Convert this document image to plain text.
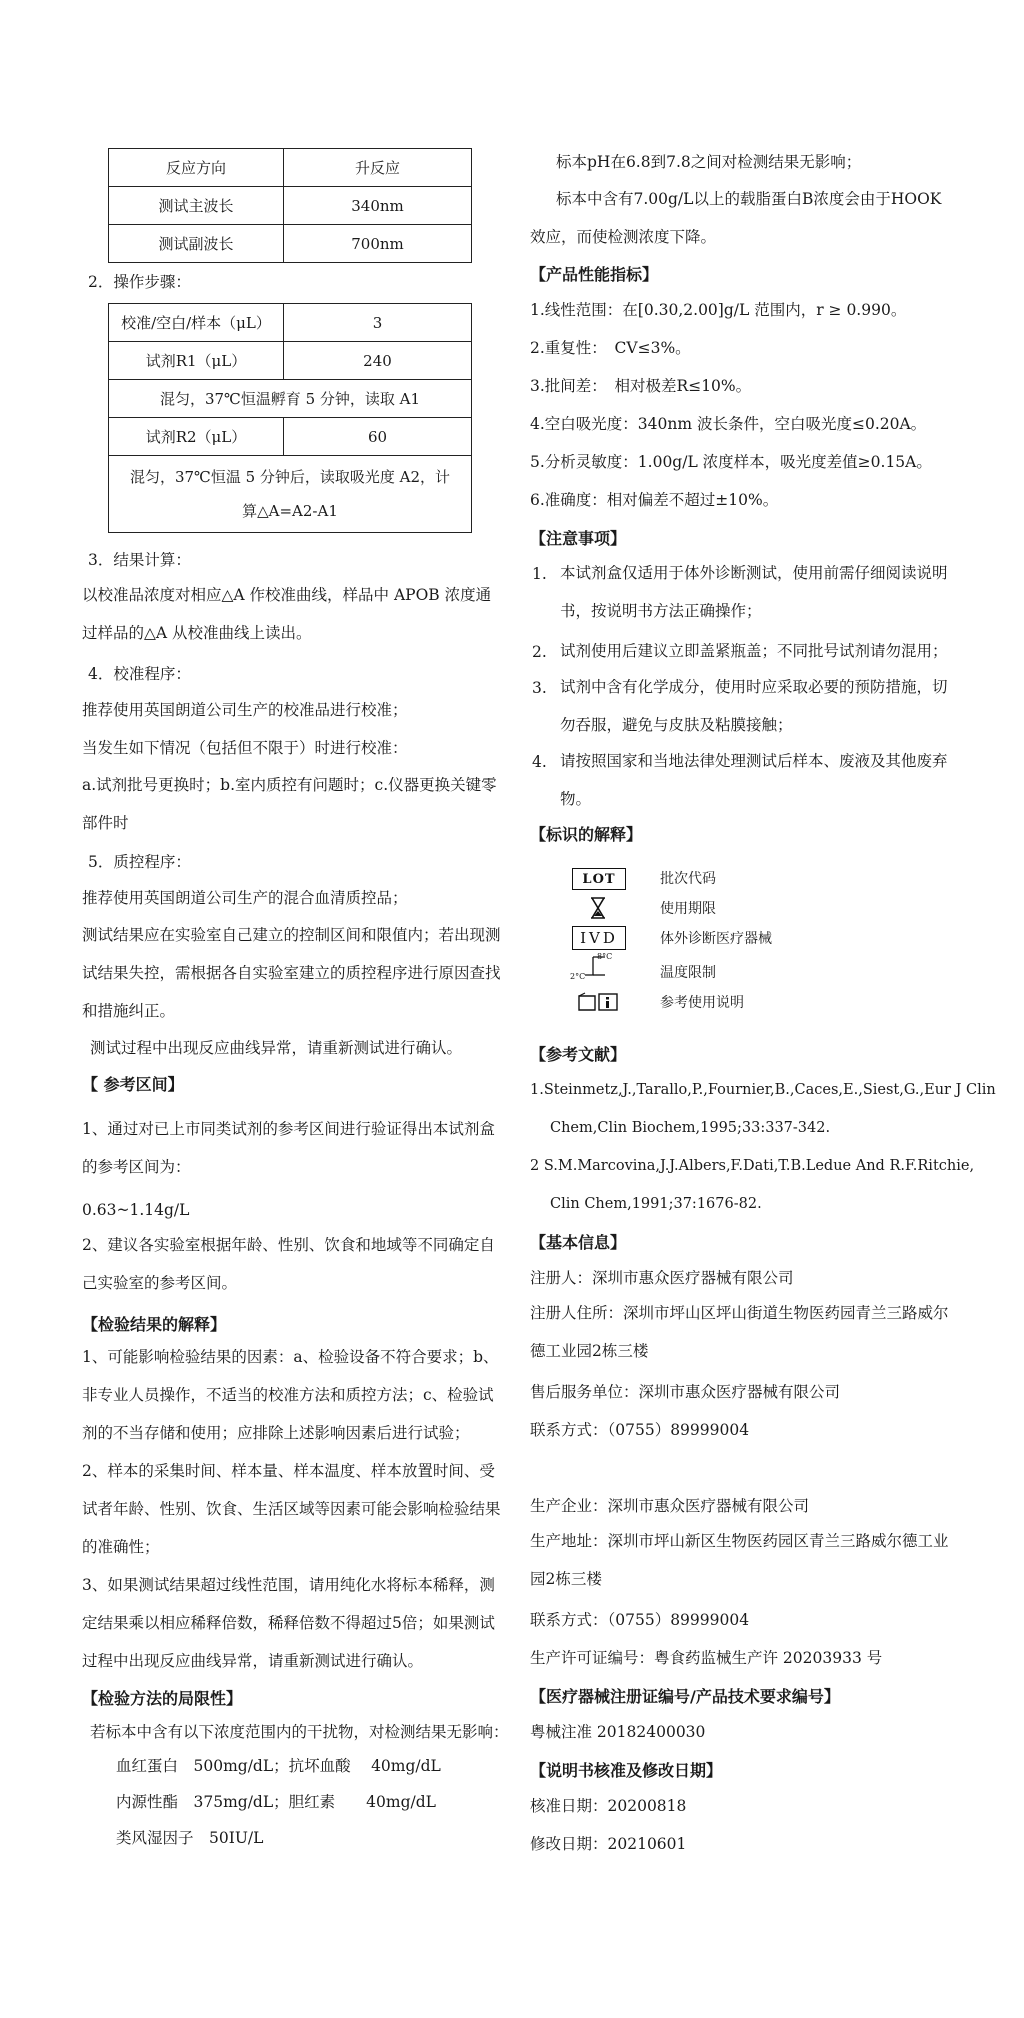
反应方向	升反应
测试主波长	340nm
测试副波长	700nm
2．操作步骤：
校准/空白/样本（μL）	3
试剂R1（μL）	240
混匀，37℃恒温孵育 5 分钟，读取 A1	
试剂R2（μL）	60
混匀，37℃恒温 5 分钟后，读取吸光度 A2，计算△A=A2-A1	
3．结果计算：
以校准品浓度对相应△A 作校准曲线，样品中 APOB 浓度通过样品的△A 从校准曲线上读出。
4．校准程序：
推荐使用英国朗道公司生产的校准品进行校准；
当发生如下情况（包括但不限于）时进行校准：
a.试剂批号更换时；b.室内质控有问题时；c.仪器更换关键零部件时
5．质控程序：
推荐使用英国朗道公司生产的混合血清质控品；
测试结果应在实验室自己建立的控制区间和限值内；若出现测试结果失控，需根据各自实验室建立的质控程序进行原因查找和措施纠正。
测试过程中出现反应曲线异常，请重新测试进行确认。
【 参考区间】
1、通过对已上市同类试剂的参考区间进行验证得出本试剂盒的参考区间为：
0.63~1.14g/L
2、建议各实验室根据年龄、性别、饮食和地域等不同确定自己实验室的参考区间。
【检验结果的解释】
1、可能影响检验结果的因素：a、检验设备不符合要求；b、非专业人员操作，不适当的校准方法和质控方法；c、检验试剂的不当存储和使用；应排除上述影响因素后进行试验；
2、样本的采集时间、样本量、样本温度、样本放置时间、受试者年龄、性别、饮食、生活区域等因素可能会影响检验结果的准确性；
3、如果测试结果超过线性范围，请用纯化水将标本稀释，测定结果乘以相应稀释倍数，稀释倍数不得超过5倍；如果测试过程中出现反应曲线异常，请重新测试进行确认。
【检验方法的局限性】
若标本中含有以下浓度范围内的干扰物，对检测结果无影响：
血红蛋白　500mg/dL；抗坏血酸　 40mg/dL
内源性酯　375mg/dL；胆红素　　40mg/dL
类风湿因子　50IU/L
标本pH在6.8到7.8之间对检测结果无影响；
标本中含有7.00g/L以上的载脂蛋白B浓度会由于HOOK效应，而使检测浓度下降。
【产品性能指标】
1.线性范围：在[0.30,2.00]g/L 范围内，r ≥ 0.990。
2.重复性：　CV≤3%。
3.批间差：　相对极差R≤10%。
4.空白吸光度：340nm 波长条件，空白吸光度≤0.20A。
5.分析灵敏度：1.00g/L 浓度样本，吸光度差值≥0.15A。
6.准确度：相对偏差不超过±10%。
【注意事项】
1. 本试剂盒仅适用于体外诊断测试，使用前需仔细阅读说明书，按说明书方法正确操作；
2. 试剂使用后建议立即盖紧瓶盖；不同批号试剂请勿混用；
3. 试剂中含有化学成分，使用时应采取必要的预防措施，切勿吞服，避免与皮肤及粘膜接触；
4. 请按照国家和当地法律处理测试后样本、废液及其他废弃物。
【标识的解释】
LOT	批次代码
使用期限
IVD	体外诊断医疗器械
8°C
2°C	温度限制
参考使用说明
【参考文献】
1.Steinmetz,J.,Tarallo,P.,Fournier,B.,Caces,E.,Siest,G.,Eur J Clin
Chem,Clin Biochem,1995;33:337-342.
2 S.M.Marcovina,J.J.Albers,F.Dati,T.B.Ledue And R.F.Ritchie,
Clin Chem,1991;37:1676-82.
【基本信息】
注册人：深圳市惠众医疗器械有限公司
注册人住所：深圳市坪山区坪山街道生物医药园青兰三路威尔德工业园2栋三楼
售后服务单位：深圳市惠众医疗器械有限公司
联系方式：（0755）89999004
生产企业：深圳市惠众医疗器械有限公司
生产地址：深圳市坪山新区生物医药园区青兰三路威尔德工业园2栋三楼
联系方式：（0755）89999004
生产许可证编号：粤食药监械生产许 20203933 号
【医疗器械注册证编号/产品技术要求编号】
粤械注准 20182400030
【说明书核准及修改日期】
核准日期：20200818
修改日期：20210601
